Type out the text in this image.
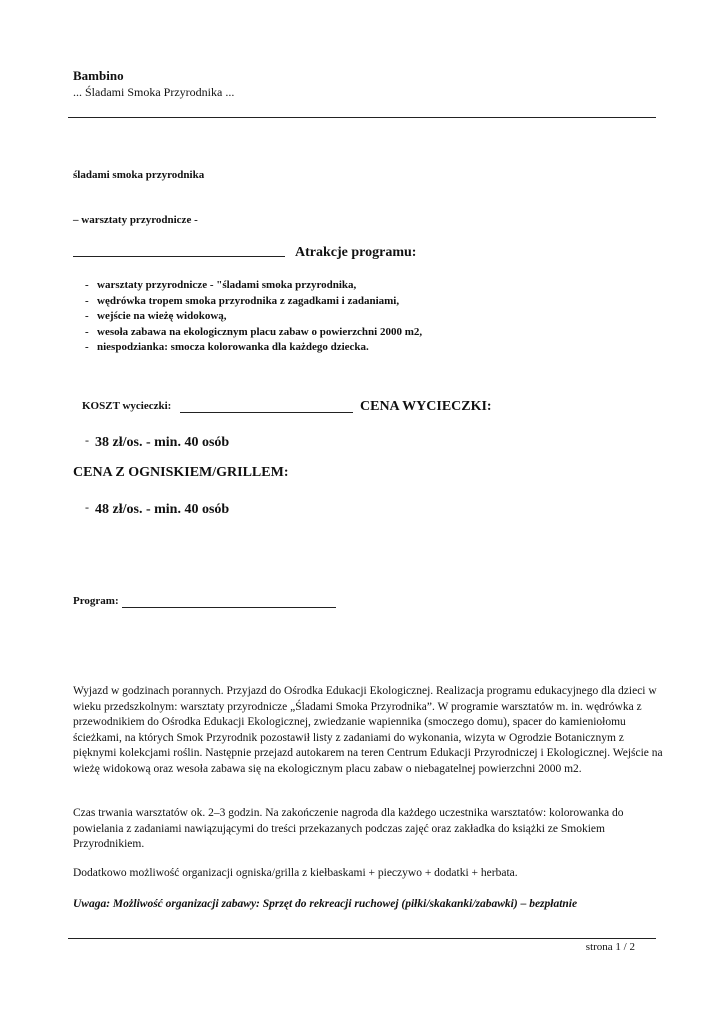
Bambino
... Śladami Smoka Przyrodnika ...
śladami smoka przyrodnika
– warsztaty przyrodnicze -
Atrakcje programu:
- warsztaty przyrodnicze - "śladami smoka przyrodnika,
- wędrówka tropem smoka przyrodnika z zagadkami i zadaniami,
- wejście na wieżę widokową,
- wesoła zabawa na ekologicznym placu zabaw o powierzchni 2000 m2,
- niespodzianka: smocza kolorowanka dla każdego dziecka.
KOSZT wycieczki:	CENA WYCIECZKI:
- 38 zł/os. - min. 40 osób
CENA Z OGNISKIEM/GRILLEM:
- 48 zł/os. - min. 40 osób
Program:

Wyjazd w godzinach porannych. Przyjazd do Ośrodka Edukacji Ekologicznej. Realizacja programu edukacyjnego dla dzieci w wieku przedszkolnym: warsztaty przyrodnicze „Śladami Smoka Przyrodnika”. W programie warsztatów m. in. wędrówka z przewodnikiem do Ośrodka Edukacji Ekologicznej, zwiedzanie wapiennika (smoczego domu), spacer do kamieniołomu ścieżkami, na których Smok Przyrodnik pozostawił listy z zadaniami do wykonania, wizyta w Ogrodzie Botanicznym z pięknymi kolekcjami roślin. Następnie przejazd autokarem na teren Centrum Edukacji Przyrodniczej i Ekologicznej. Wejście na wieżę widokową oraz wesoła zabawa się na ekologicznym placu zabaw o niebagatelnej powierzchni 2000 m2.

Czas trwania warsztatów ok. 2–3 godzin. Na zakończenie nagroda dla każdego uczestnika warsztatów: kolorowanka do powielania z zadaniami nawiązującymi do treści przekazanych podczas zajęć oraz zakładka do książki ze Smokiem Przyrodnikiem.

Dodatkowo możliwość organizacji ogniska/grilla z kiełbaskami + pieczywo + dodatki + herbata.

Uwaga: Możliwość organizacji zabawy: Sprzęt do rekreacji ruchowej (piłki/skakanki/zabawki) – bezpłatnie

strona 1 / 2
